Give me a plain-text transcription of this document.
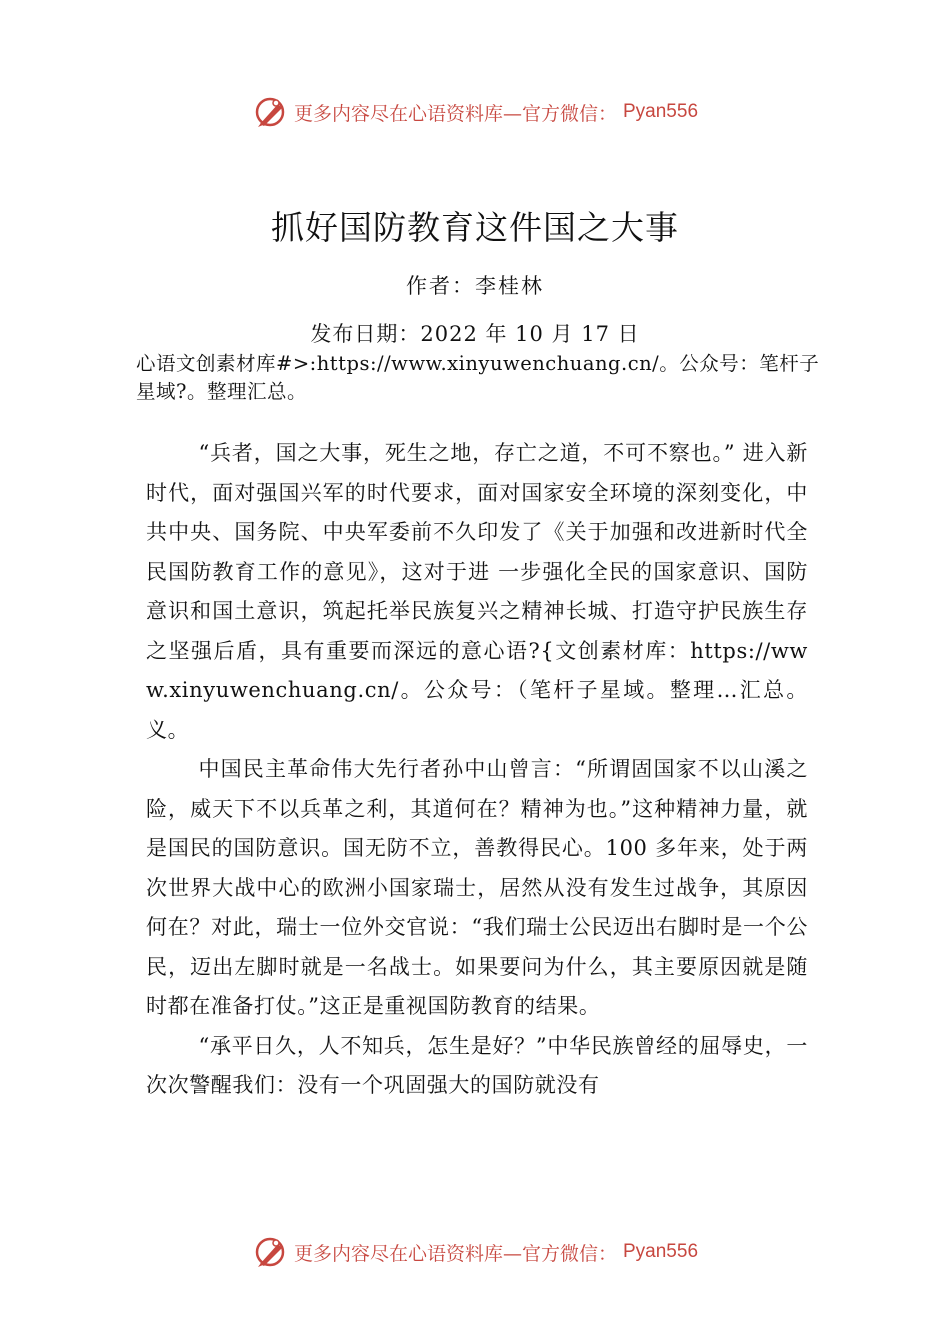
更多内容尽在心语资料库—官方微信： Pyan556
抓好国防教育这件国之大事
作者：李桂林
发布日期：2022 年 10 月 17 日
心语文创素材库#>:https://www.xinyuwenchuang.cn/。公众号：笔杆子星域?。整理汇总。

“兵者，国之大事，死生之地，存亡之道，不可不察也。” 进入新时代，面对强国兴军的时代要求，面对国家安全环境的深刻变化，中共中央、国务院、中央军委前不久印发了《关于加强和改进新时代全民国防教育工作的意见》，这对于进 一步强化全民的国家意识、国防意识和国土意识，筑起托举民族复兴之精神长城、打造守护民族生存之坚强后盾，具有重要而深远的意心语?{文创素材库：https://www.xinyuwenchuang.cn/。公众号：（笔杆子星域。整理…汇总。义。

中国民主革命伟大先行者孙中山曾言：“所谓固国家不以山溪之险，威天下不以兵革之利，其道何在？精神为也。”这种精神力量，就是国民的国防意识。国无防不立，善教得民心。100 多年来，处于两次世界大战中心的欧洲小国家瑞士，居然从没有发生过战争，其原因何在？对此，瑞士一位外交官说：“我们瑞士公民迈出右脚时是一个公民，迈出左脚时就是一名战士。如果要问为什么，其主要原因就是随时都在准备打仗。”这正是重视国防教育的结果。

“承平日久，人不知兵，怎生是好？”中华民族曾经的屈辱史，一次次警醒我们：没有一个巩固强大的国防就没有

更多内容尽在心语资料库—官方微信： Pyan556
